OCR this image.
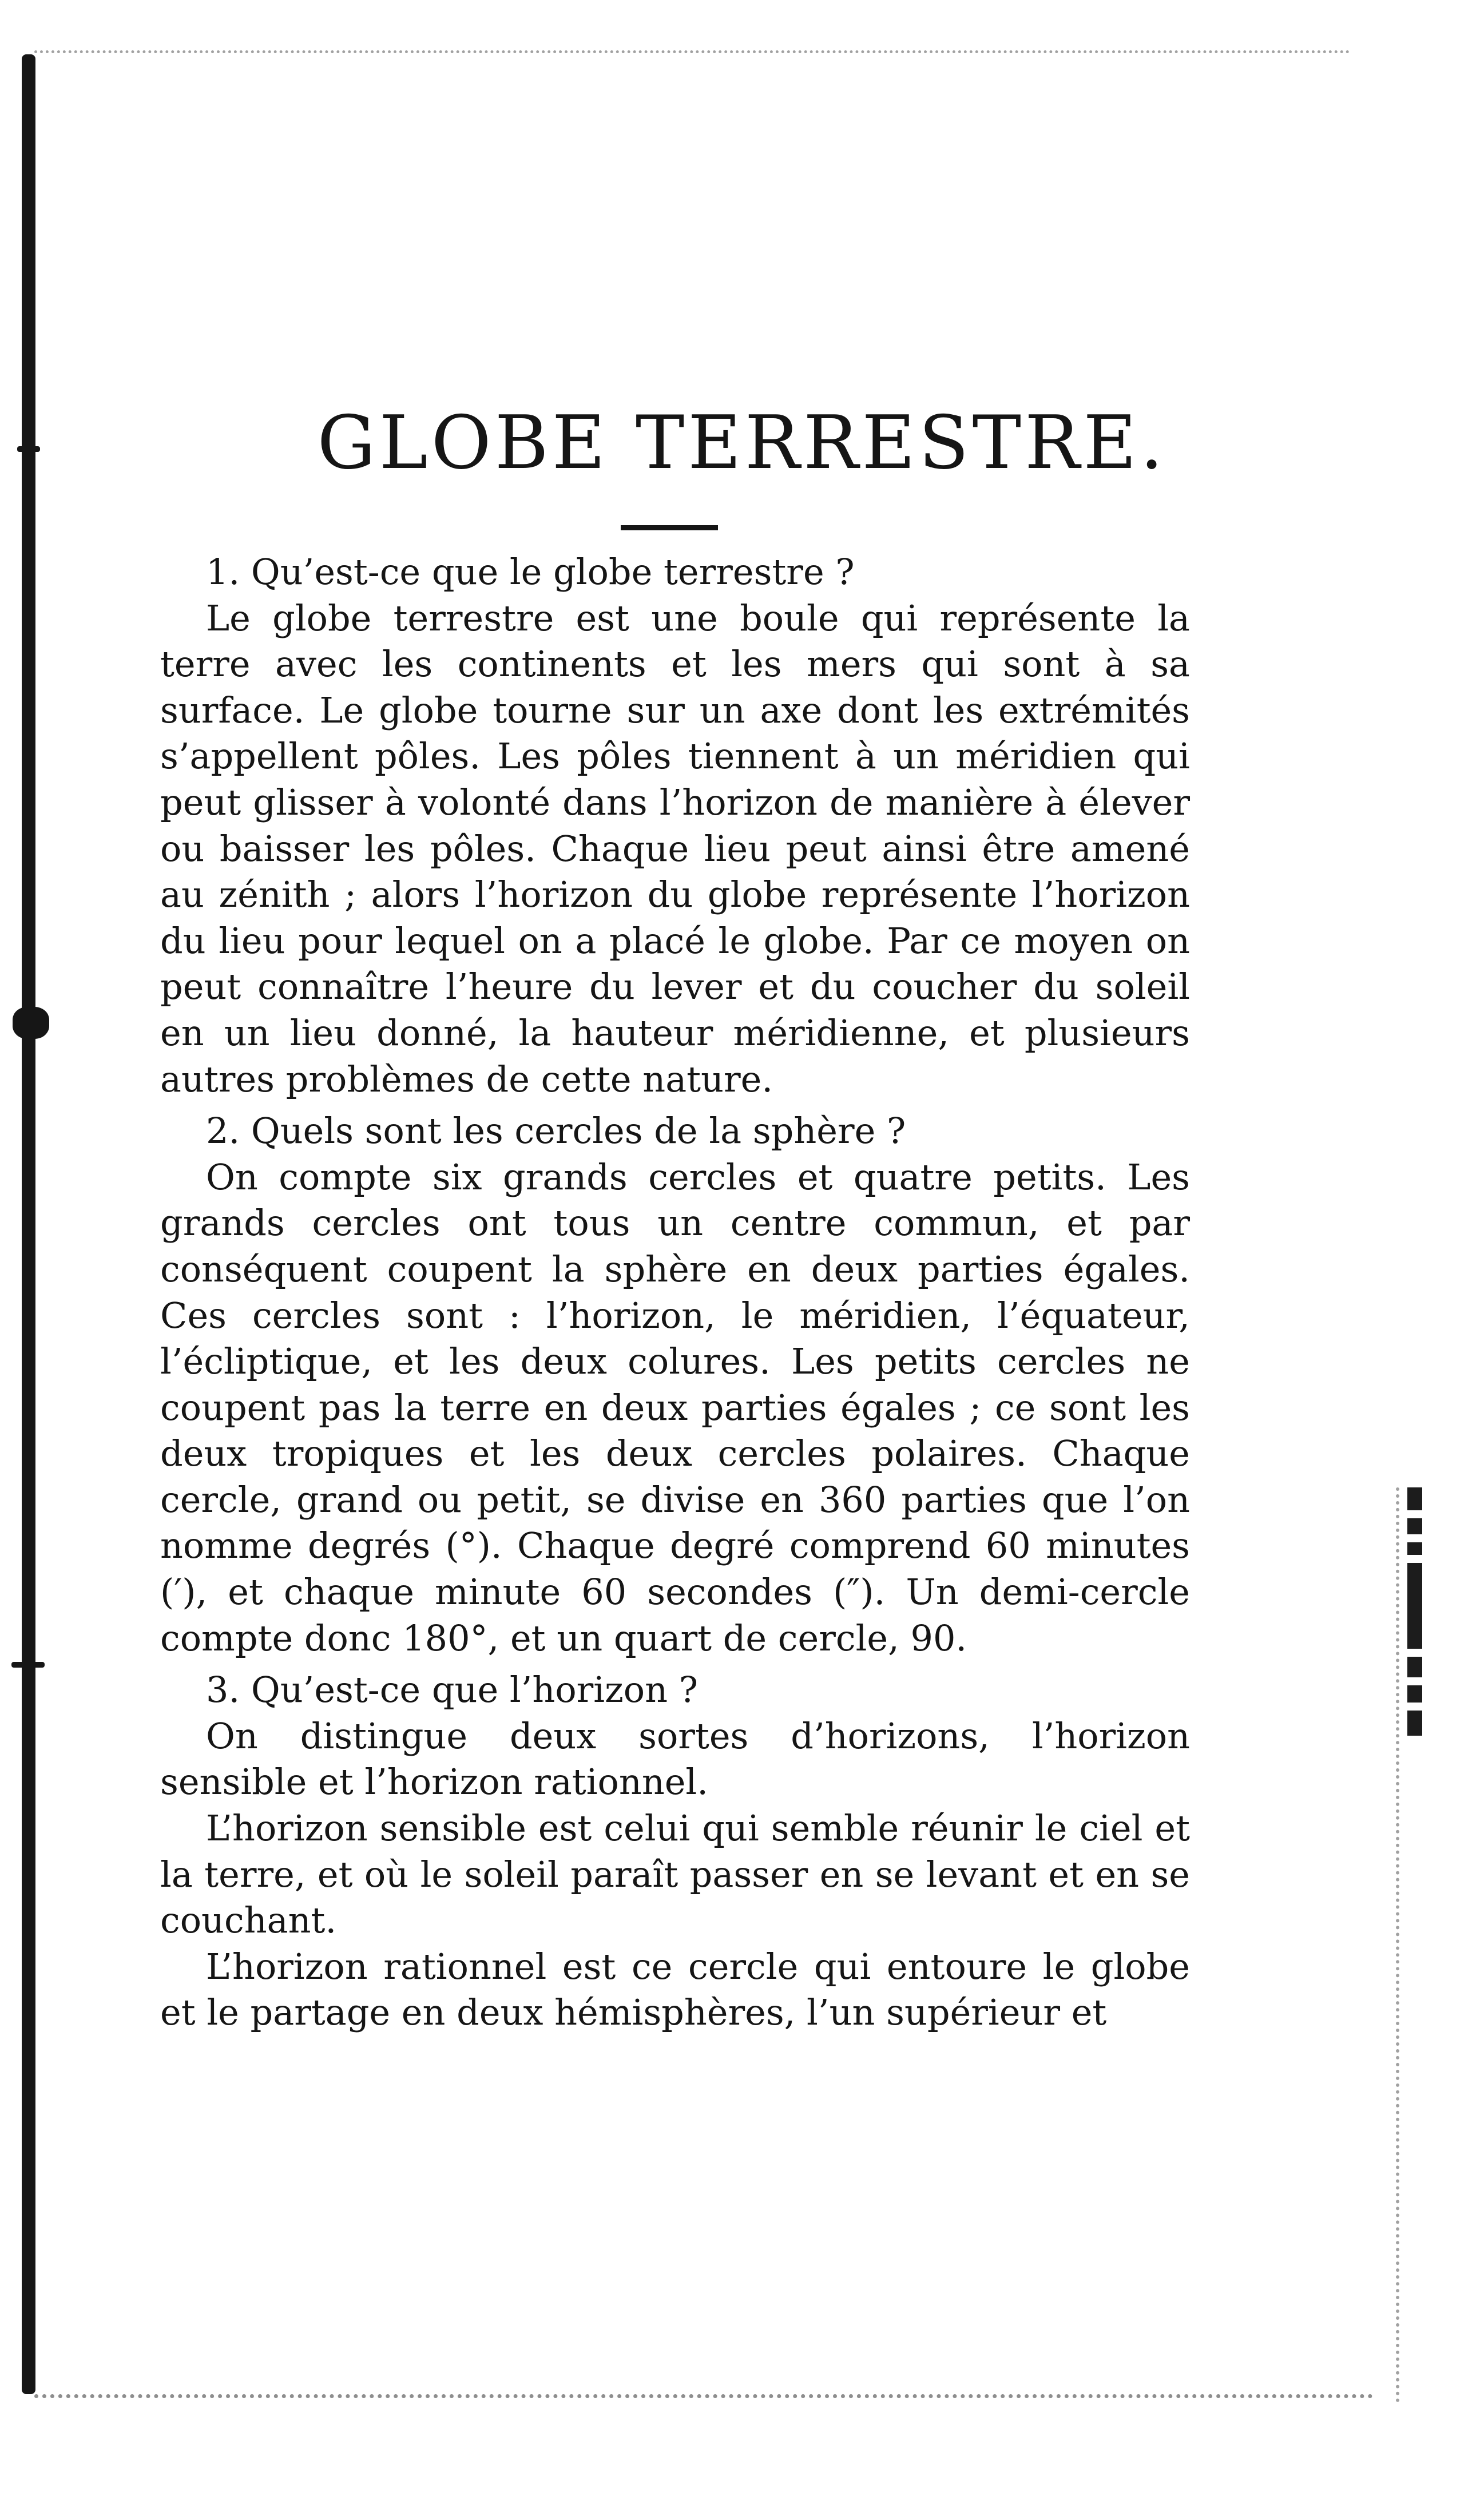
GLOBE TERRESTRE.

1. Qu’est-ce que le globe terrestre ?

Le globe terrestre est une boule qui représente la terre avec les continents et les mers qui sont à sa surface. Le globe tourne sur un axe dont les extrémités s’appellent pôles. Les pôles tiennent à un méridien qui peut glisser à volonté dans l’horizon de manière à élever ou baisser les pôles. Chaque lieu peut ainsi être amené au zénith ; alors l’horizon du globe représente l’horizon du lieu pour lequel on a placé le globe. Par ce moyen on peut connaître l’heure du lever et du coucher du soleil en un lieu donné, la hauteur méridienne, et plusieurs autres problèmes de cette nature.

2. Quels sont les cercles de la sphère ?

On compte six grands cercles et quatre petits. Les grands cercles ont tous un centre commun, et par conséquent coupent la sphère en deux parties égales. Ces cercles sont : l’horizon, le méridien, l’équateur, l’écliptique, et les deux colures. Les petits cercles ne coupent pas la terre en deux parties égales ; ce sont les deux tropiques et les deux cercles polaires. Chaque cercle, grand ou petit, se divise en 360 parties que l’on nomme degrés (°). Chaque degré comprend 60 minutes (′), et chaque minute 60 secondes (″). Un demi-cercle compte donc 180°, et un quart de cercle, 90.

3. Qu’est-ce que l’horizon ?

On distingue deux sortes d’horizons, l’horizon sensible et l’horizon rationnel.

L’horizon sensible est celui qui semble réunir le ciel et la terre, et où le soleil paraît passer en se levant et en se couchant.

L’horizon rationnel est ce cercle qui entoure le globe et le partage en deux hémisphères, l’un supérieur et
